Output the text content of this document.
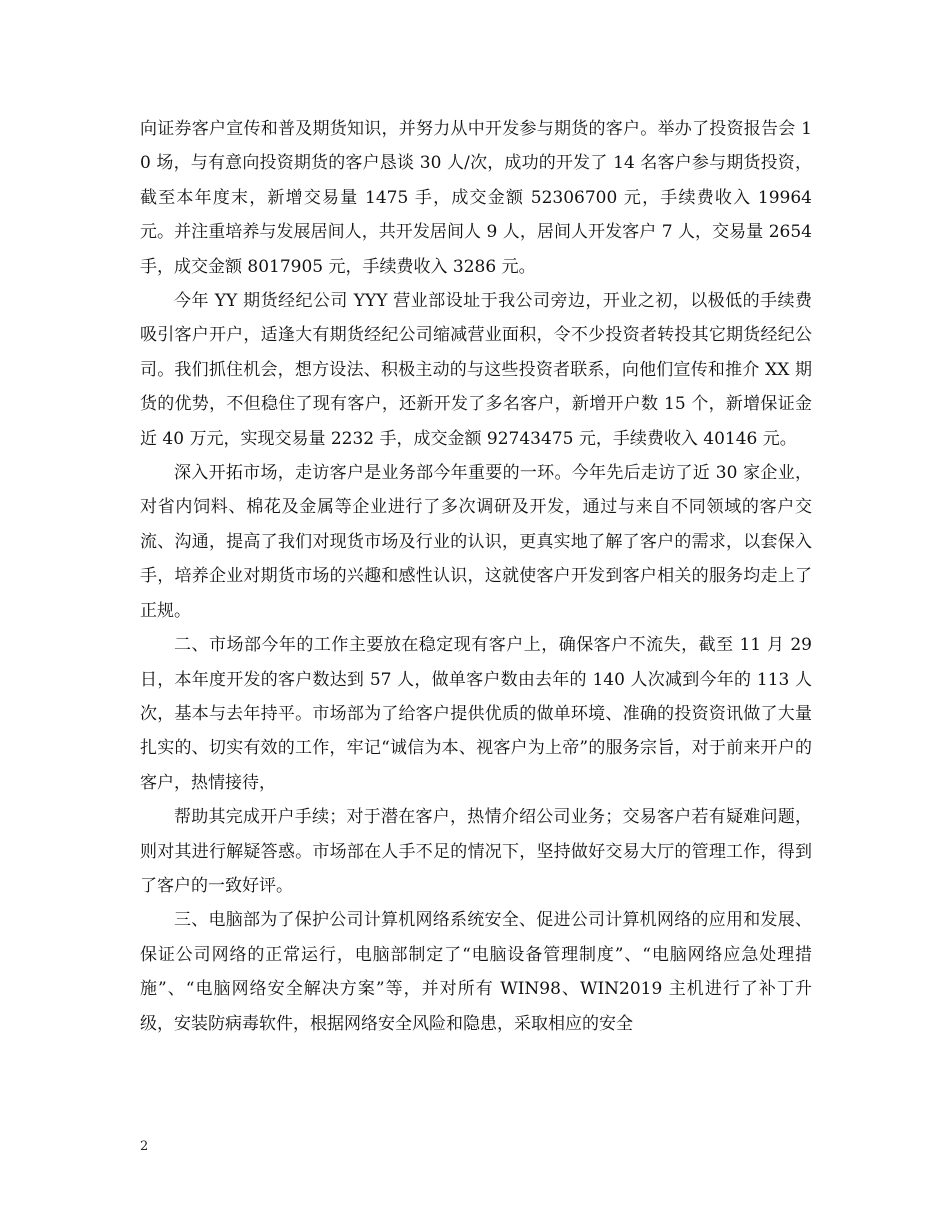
向证券客户宣传和普及期货知识，并努力从中开发参与期货的客户。举办了投资报告会 10 场，与有意向投资期货的客户恳谈 30 人/次，成功的开发了 14 名客户参与期货投资，截至本年度末，新增交易量 1475 手，成交金额 52306700 元，手续费收入 19964 元。并注重培养与发展居间人，共开发居间人 9 人，居间人开发客户 7 人，交易量 2654 手，成交金额 8017905 元，手续费收入 3286 元。

今年 YY 期货经纪公司 YYY 营业部设址于我公司旁边，开业之初，以极低的手续费吸引客户开户，适逢大有期货经纪公司缩减营业面积，令不少投资者转投其它期货经纪公司。我们抓住机会，想方设法、积极主动的与这些投资者联系，向他们宣传和推介 XX 期货的优势，不但稳住了现有客户，还新开发了多名客户，新增开户数 15 个，新增保证金近 40 万元，实现交易量 2232 手，成交金额 92743475 元，手续费收入 40146 元。

深入开拓市场，走访客户是业务部今年重要的一环。今年先后走访了近 30 家企业，对省内饲料、棉花及金属等企业进行了多次调研及开发，通过与来自不同领域的客户交流、沟通，提高了我们对现货市场及行业的认识，更真实地了解了客户的需求，以套保入手，培养企业对期货市场的兴趣和感性认识，这就使客户开发到客户相关的服务均走上了正规。

二、市场部今年的工作主要放在稳定现有客户上，确保客户不流失，截至 11 月 29 日，本年度开发的客户数达到 57 人，做单客户数由去年的 140 人次减到今年的 113 人次，基本与去年持平。市场部为了给客户提供优质的做单环境、准确的投资资讯做了大量扎实的、切实有效的工作，牢记“诚信为本、视客户为上帝”的服务宗旨，对于前来开户的客户，热情接待，

帮助其完成开户手续；对于潜在客户，热情介绍公司业务；交易客户若有疑难问题，则对其进行解疑答惑。市场部在人手不足的情况下，坚持做好交易大厅的管理工作，得到了客户的一致好评。

三、电脑部为了保护公司计算机网络系统安全、促进公司计算机网络的应用和发展、保证公司网络的正常运行，电脑部制定了“电脑设备管理制度”、“电脑网络应急处理措施”、“电脑网络安全解决方案”等，并对所有 WIN98、WIN2019 主机进行了补丁升级，安装防病毒软件，根据网络安全风险和隐患，采取相应的安全

2
